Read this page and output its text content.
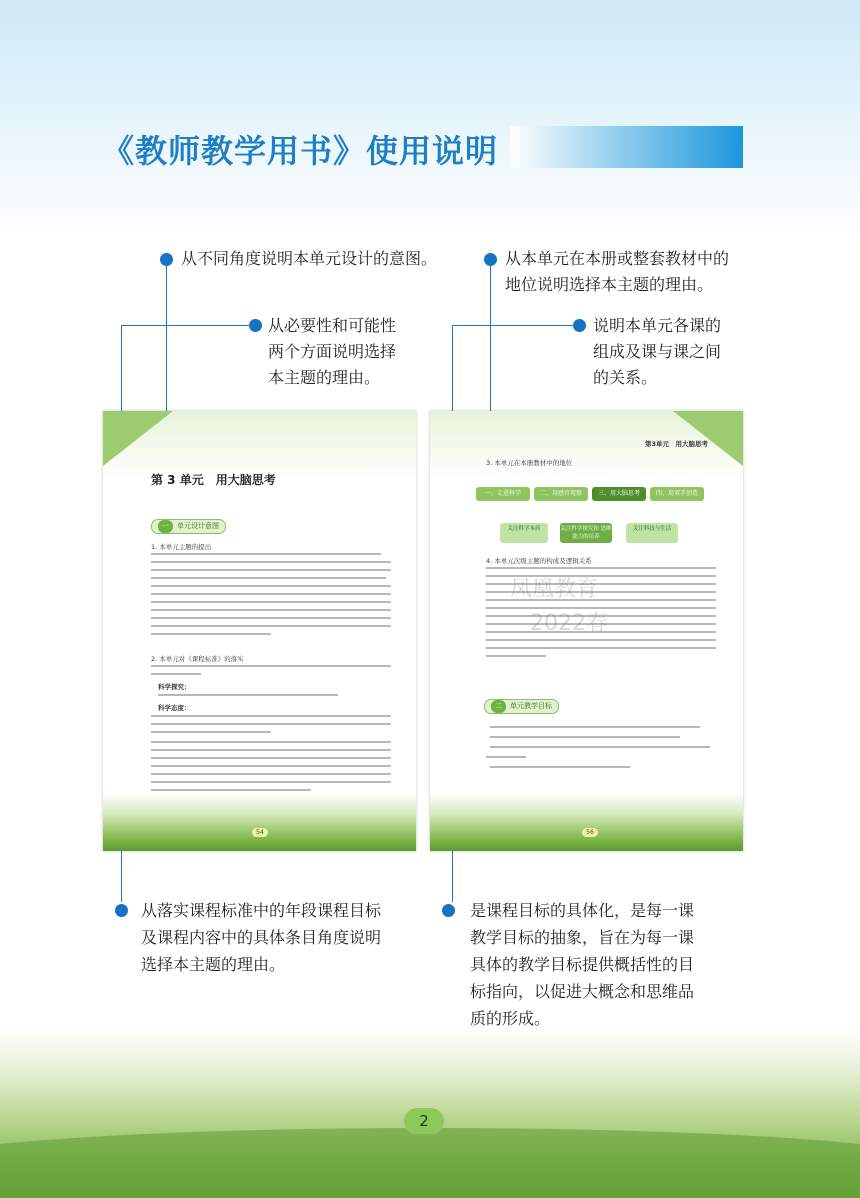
《教师教学用书》使用说明
从不同角度说明本单元设计的意图。	从本单元在本册或整套教材中的
地位说明选择本主题的理由。
从必要性和可能性
两个方面说明选择
本主题的理由。
说明本单元各课的
组成及课与课之间
的关系。
第 3 单元　用大脑思考
一 单元设计意图
1. 本单元主题的提出
2. 本单元对《课程标准》的落实
科学探究：
科学态度：
54
第3单元　用大脑思考
3. 本单元在本册教材中的地位
一、走进科学	二、用感官观察	三、用大脑思考	四、用双手创造
关注科学本质	关注科学探究和 思维能力的培养
关注科技与生活
4. 本单元次级主题的构成及逻辑关系
二 单元教学目标
56
凤凰教育
2022春
从落实课程标准中的年段课程目标
及课程内容中的具体条目角度说明
选择本主题的理由。
是课程目标的具体化，是每一课
教学目标的抽象，旨在为每一课
具体的教学目标提供概括性的目
标指向，以促进大概念和思维品
质的形成。
2
